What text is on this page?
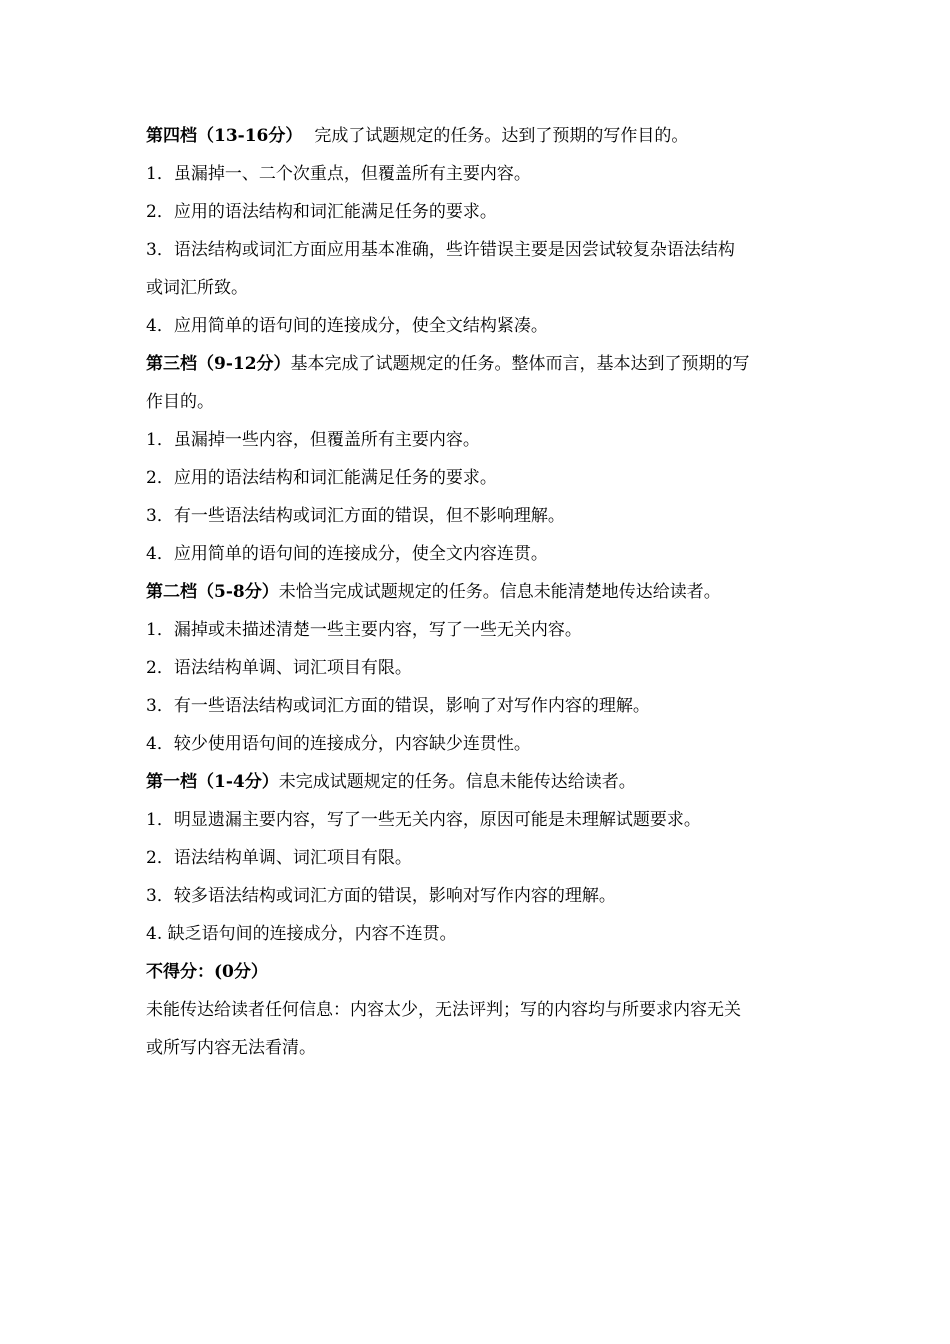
第四档（13-16分） 完成了试题规定的任务。达到了预期的写作目的。
1．虽漏掉一、二个次重点，但覆盖所有主要内容。
2．应用的语法结构和词汇能满足任务的要求。
3．语法结构或词汇方面应用基本准确，些许错误主要是因尝试较复杂语法结构
或词汇所致。
4．应用简单的语句间的连接成分，使全文结构紧凑。
第三档（9-12分）基本完成了试题规定的任务。整体而言，基本达到了预期的写
作目的。
1．虽漏掉一些内容，但覆盖所有主要内容。
2．应用的语法结构和词汇能满足任务的要求。
3．有一些语法结构或词汇方面的错误，但不影响理解。
4．应用简单的语句间的连接成分，使全文内容连贯。
第二档（5-8分）未恰当完成试题规定的任务。信息未能清楚地传达给读者。
1．漏掉或未描述清楚一些主要内容，写了一些无关内容。
2．语法结构单调、词汇项目有限。
3．有一些语法结构或词汇方面的错误，影响了对写作内容的理解。
4．较少使用语句间的连接成分，内容缺少连贯性。
第一档（1-4分）未完成试题规定的任务。信息未能传达给读者。
1．明显遗漏主要内容，写了一些无关内容，原因可能是未理解试题要求。
2．语法结构单调、词汇项目有限。
3．较多语法结构或词汇方面的错误，影响对写作内容的理解。
4. 缺乏语句间的连接成分，内容不连贯。
不得分：(0分）
未能传达给读者任何信息：内容太少，无法评判；写的内容均与所要求内容无关
或所写内容无法看清。
